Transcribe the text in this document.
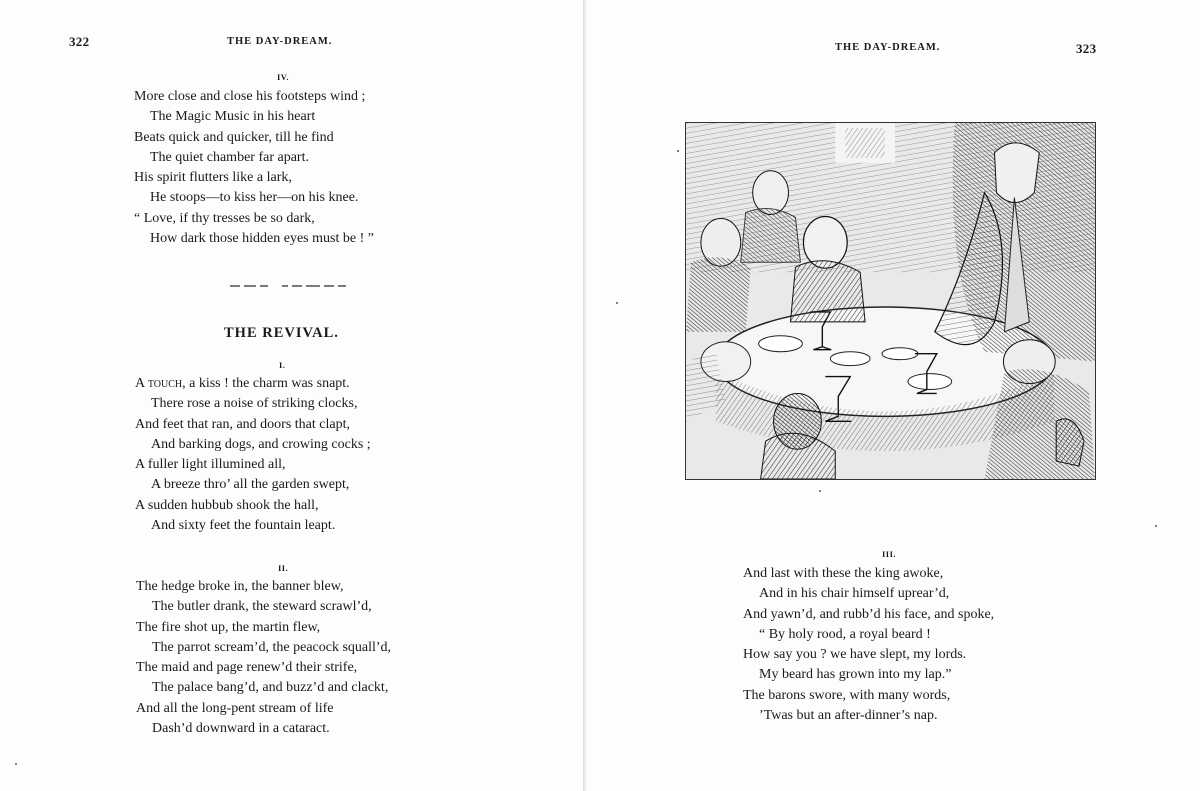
322	THE DAY-DREAM.
IV.
More close and close his footsteps wind ;
The Magic Music in his heart
Beats quick and quicker, till he find
The quiet chamber far apart.
His spirit flutters like a lark,
He stoops—to kiss her—on his knee.
“ Love, if thy tresses be so dark,
How dark those hidden eyes must be ! ”
THE REVIVAL.
I.
A touch, a kiss ! the charm was snapt.
There rose a noise of striking clocks,
And feet that ran, and doors that clapt,
And barking dogs, and crowing cocks ;
A fuller light illumined all,
A breeze thro’ all the garden swept,
A sudden hubbub shook the hall,
And sixty feet the fountain leapt.
II.
The hedge broke in, the banner blew,
The butler drank, the steward scrawl’d,
The fire shot up, the martin flew,
The parrot scream’d, the peacock squall’d,
The maid and page renew’d their strife,
The palace bang’d, and buzz’d and clackt,
And all the long-pent stream of life
Dash’d downward in a cataract.
THE DAY-DREAM.	323
III.
And last with these the king awoke,
And in his chair himself uprear’d,
And yawn’d, and rubb’d his face, and spoke,
“ By holy rood, a royal beard !
How say you ? we have slept, my lords.
My beard has grown into my lap.”
The barons swore, with many words,
’Twas but an after-dinner’s nap.
